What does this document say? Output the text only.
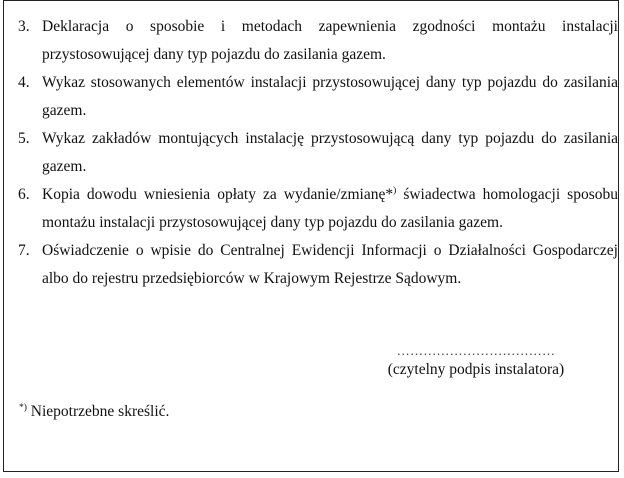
3. Deklaracja o sposobie i metodach zapewnienia zgodności montażu instalacji przystosowującej dany typ pojazdu do zasilania gazem.
4. Wykaz stosowanych elementów instalacji przystosowującej dany typ pojazdu do zasilania gazem.
5. Wykaz zakładów montujących instalację przystosowującą dany typ pojazdu do zasilania gazem.
6. Kopia dowodu wniesienia opłaty za wydanie/zmianę*) świadectwa homologacji sposobu montażu instalacji przystosowującej dany typ pojazdu do zasilania gazem.
7. Oświadczenie o wpisie do Centralnej Ewidencji Informacji o Działalności Gospodarczej albo do rejestru przedsiębiorców w Krajowym Rejestrze Sądowym.
………………………………
(czytelny podpis instalatora)
*) Niepotrzebne skreślić.
